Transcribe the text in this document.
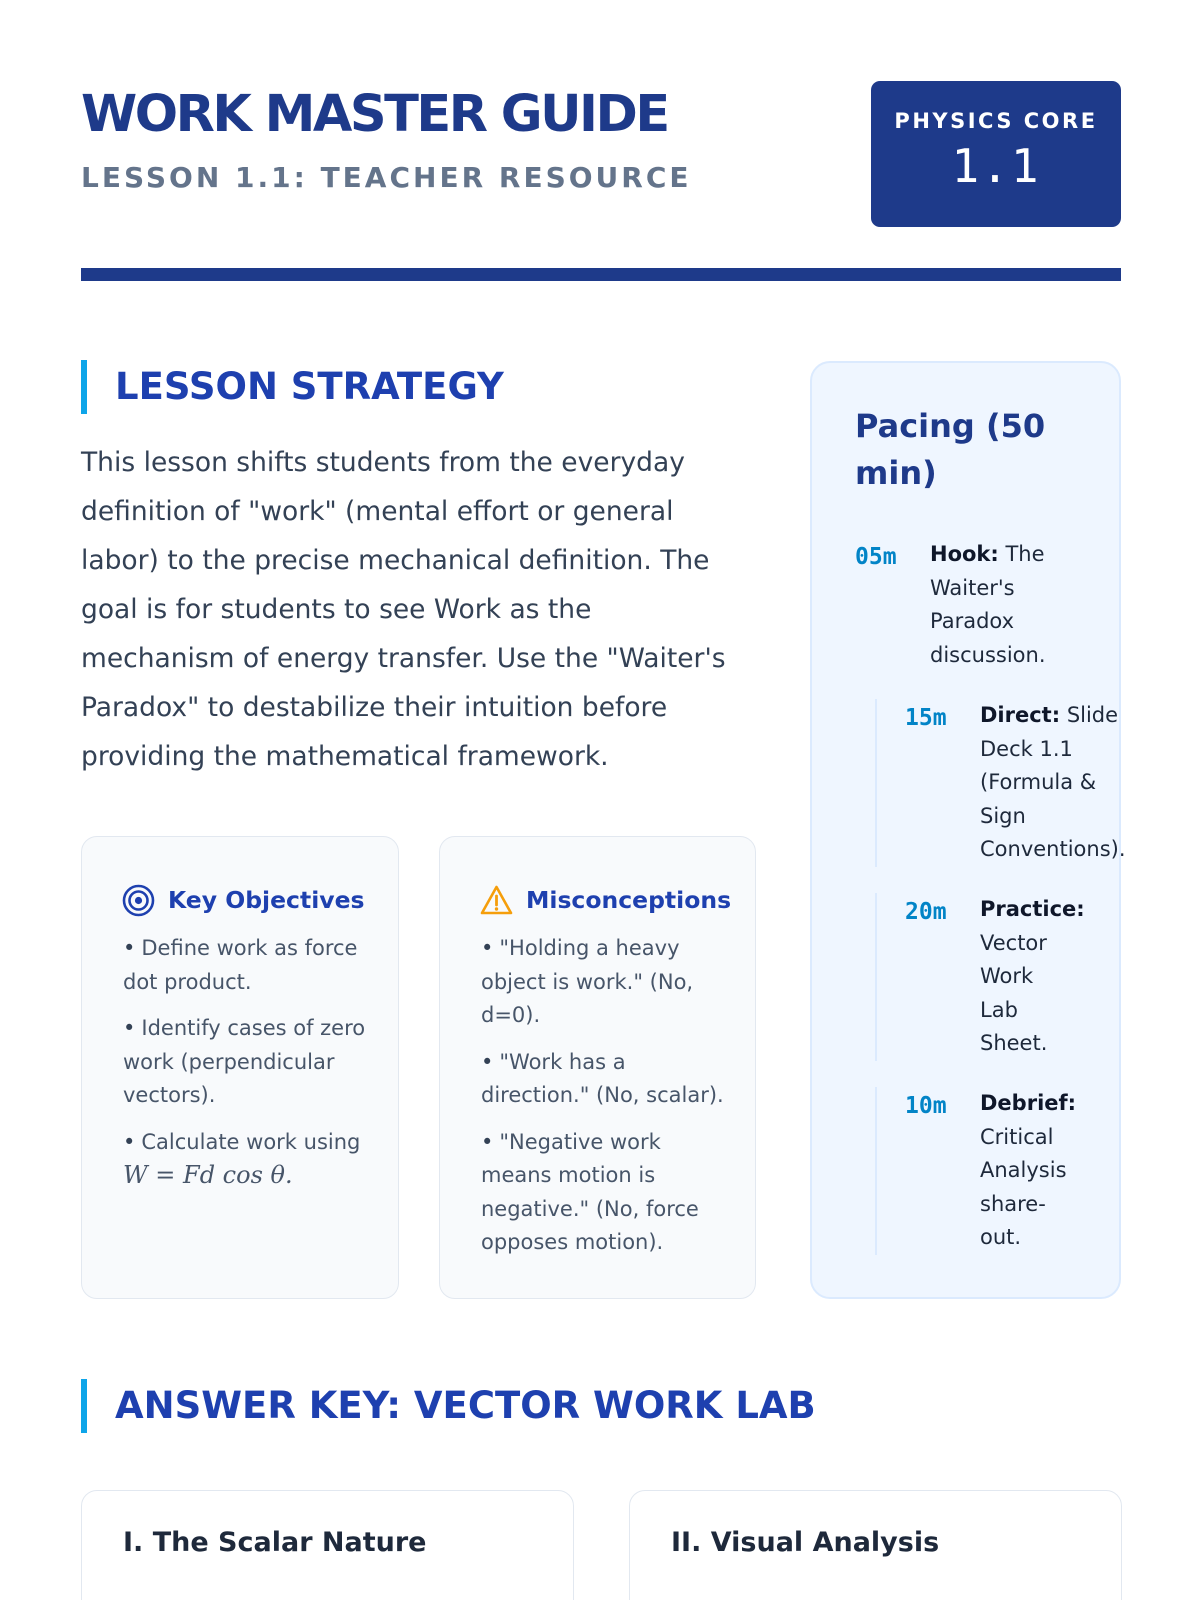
WORK MASTER GUIDE
LESSON 1.1: TEACHER RESOURCE
PHYSICS CORE
1.1
LESSON STRATEGY
This lesson shifts students from the everyday definition of "work" (mental effort or general labor) to the precise mechanical definition. The goal is for students to see Work as the mechanism of energy transfer. Use the "Waiter's Paradox" to destabilize their intuition before providing the mathematical framework.
Key Objectives
• Define work as force dot product.
• Identify cases of zero work (perpendicular vectors).
• Calculate work using W = Fd cos θ.
Misconceptions
• "Holding a heavy object is work." (No, d=0).
• "Work has a direction." (No, scalar).
• "Negative work means motion is negative." (No, force opposes motion).
Pacing (50 min)
05m	Hook: The Waiter's Paradox discussion.
15m	Direct: Slide Deck 1.1 (Formula & Sign Conventions).
20m	Practice: Vector Work Lab Sheet.
10m	Debrief: Critical Analysis share-out.
ANSWER KEY: VECTOR WORK LAB
I. The Scalar Nature	II. Visual Analysis
